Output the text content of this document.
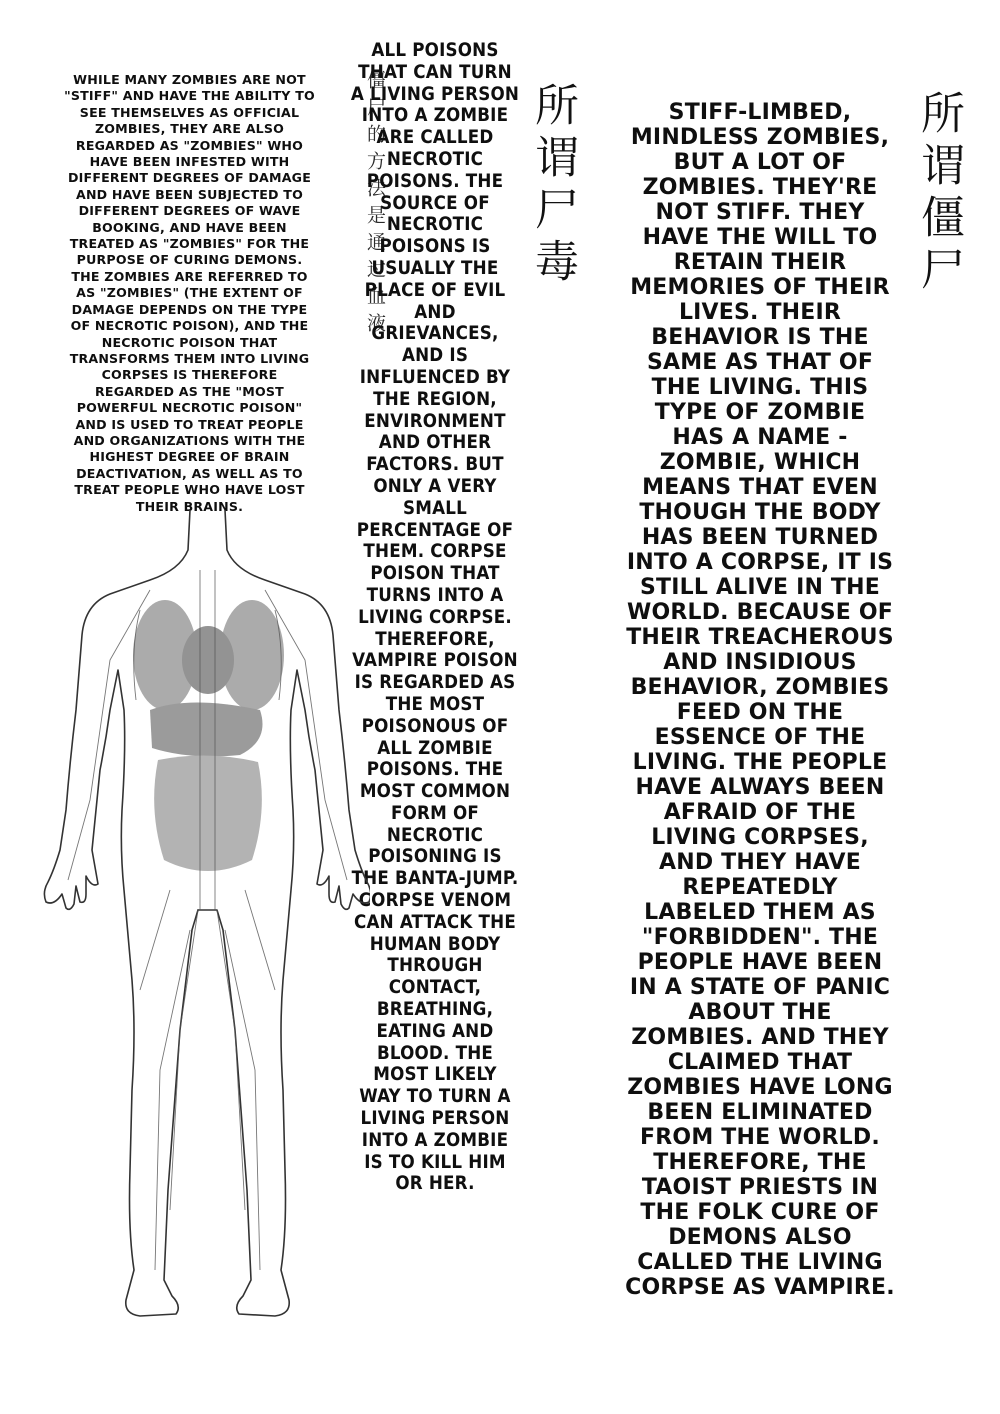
WHILE MANY ZOMBIES ARE NOT "STIFF" AND HAVE THE ABILITY TO SEE THEMSELVES AS OFFICIAL ZOMBIES, THEY ARE ALSO REGARDED AS "ZOMBIES" WHO HAVE BEEN INFESTED WITH DIFFERENT DEGREES OF DAMAGE AND HAVE BEEN SUBJECTED TO DIFFERENT DEGREES OF WAVE BOOKING, AND HAVE BEEN TREATED AS "ZOMBIES" FOR THE PURPOSE OF CURING DEMONS. THE ZOMBIES ARE REFERRED TO AS "ZOMBIES" (THE EXTENT OF DAMAGE DEPENDS ON THE TYPE OF NECROTIC POISON), AND THE NECROTIC POISON THAT TRANSFORMS THEM INTO LIVING CORPSES IS THEREFORE REGARDED AS THE "MOST POWERFUL NECROTIC POISON" AND IS USED TO TREAT PEOPLE AND ORGANIZATIONS WITH THE HIGHEST DEGREE OF BRAIN DEACTIVATION, AS WELL AS TO TREAT PEOPLE WHO HAVE LOST THEIR BRAINS.
僵尸的方法是通过血液
ALL POISONS THAT CAN TURN A LIVING PERSON INTO A ZOMBIE ARE CALLED NECROTIC POISONS. THE SOURCE OF NECROTIC POISONS IS USUALLY THE PLACE OF EVIL AND GRIEVANCES, AND IS INFLUENCED BY THE REGION, ENVIRONMENT AND OTHER FACTORS. BUT ONLY A VERY SMALL PERCENTAGE OF THEM. CORPSE POISON THAT TURNS INTO A LIVING CORPSE. THEREFORE, VAMPIRE POISON IS REGARDED AS THE MOST POISONOUS OF ALL ZOMBIE POISONS. THE MOST COMMON FORM OF NECROTIC POISONING IS THE BANTA-JUMP. CORPSE VENOM CAN ATTACK THE HUMAN BODY THROUGH CONTACT, BREATHING, EATING AND BLOOD. THE MOST LIKELY WAY TO TURN A LIVING PERSON INTO A ZOMBIE IS TO KILL HIM OR HER.
所谓尸毒	STIFF-LIMBED, MINDLESS ZOMBIES, BUT A LOT OF ZOMBIES. THEY'RE NOT STIFF. THEY HAVE THE WILL TO RETAIN THEIR MEMORIES OF THEIR LIVES. THEIR BEHAVIOR IS THE SAME AS THAT OF THE LIVING. THIS TYPE OF ZOMBIE HAS A NAME - ZOMBIE, WHICH MEANS THAT EVEN THOUGH THE BODY HAS BEEN TURNED INTO A CORPSE, IT IS STILL ALIVE IN THE WORLD. BECAUSE OF THEIR TREACHEROUS AND INSIDIOUS BEHAVIOR, ZOMBIES FEED ON THE ESSENCE OF THE LIVING. THE PEOPLE HAVE ALWAYS BEEN AFRAID OF THE LIVING CORPSES, AND THEY HAVE REPEATEDLY LABELED THEM AS "FORBIDDEN". THE PEOPLE HAVE BEEN IN A STATE OF PANIC ABOUT THE ZOMBIES. AND THEY CLAIMED THAT ZOMBIES HAVE LONG BEEN ELIMINATED FROM THE WORLD. THEREFORE, THE TAOIST PRIESTS IN THE FOLK CURE OF DEMONS ALSO CALLED THE LIVING CORPSE AS VAMPIRE.
所谓僵尸
